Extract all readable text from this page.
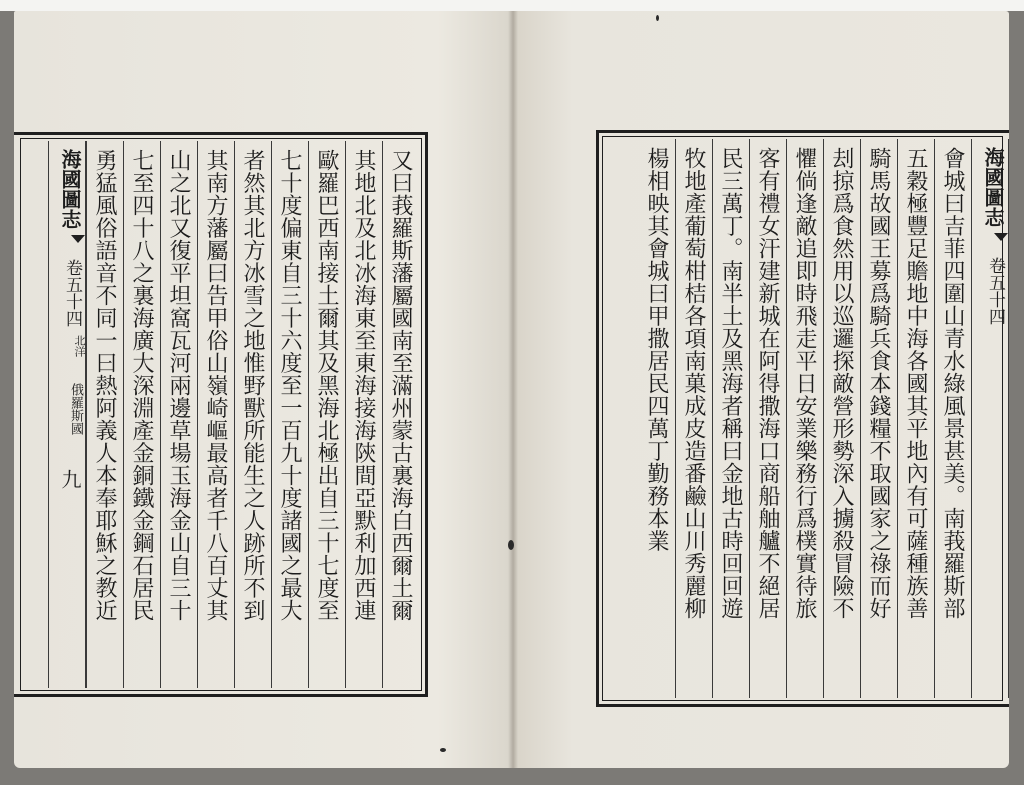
又曰莪羅斯藩屬國南至滿州蒙古裏海白西爾土爾
其地北及北冰海東至東海接海陝間亞默利加西連
歐羅巴西南接土爾其及黑海北極出自三十七度至
七十度偏東自三十六度至一百九十度諸國之最大
者然其北方冰雪之地惟野獸所能生之人跡所不到
其南方藩屬曰告甲俗山嶺崎嶇最高者千八百丈其
山之北又復平坦窩瓦河兩邊草場玉海金山自三十
七至四十八之裏海廣大深淵產金銅鐵金鋼石居民
勇猛風俗語音不同一曰熱阿義人本奉耶穌之教近
海國圖志
卷五十四
北洋
俄羅斯國
九
海國圖志
卷五十四
會城曰吉菲四圍山青水綠風景甚美。南莪羅斯部
五穀極豐足贍地中海各國其平地內有可薩種族善
騎馬故國王募爲騎兵食本錢糧不取國家之祿而好
刦掠爲食然用以巡邏探敵營形勢深入擄殺冒險不
懼倘逢敵追即時飛走平日安業樂務行爲樸實待旅
客有禮女汗建新城在阿得撒海口商船舳艫不絕居
民三萬丁。南半土及黑海者稱曰金地古時回回遊
牧地產葡萄柑桔各項南菓成皮造番鹼山川秀麗柳
楊相映其會城曰甲撒居民四萬丁勤務本業
